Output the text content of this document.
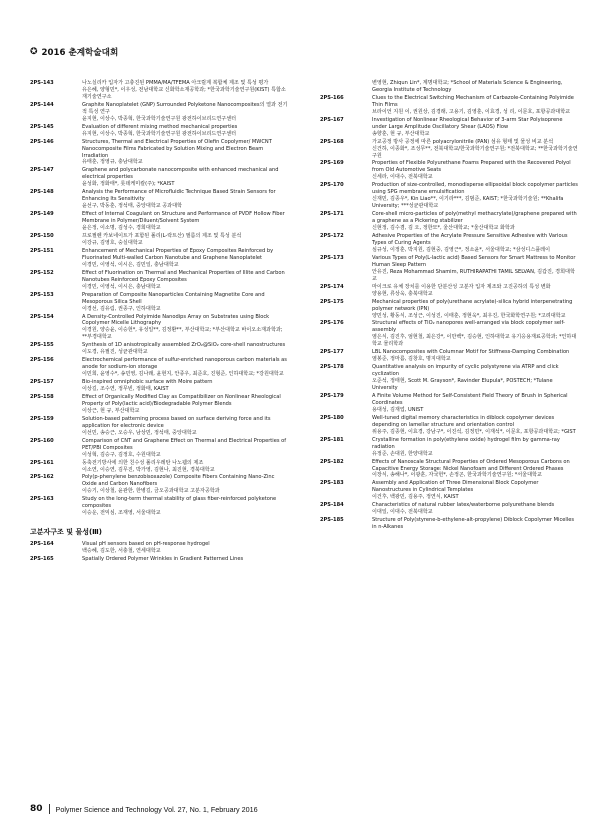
✪ 2016 춘계학술대회
2PS-143	나노실리카 입자가 고충진된 PMMA/MA/TFEMA 아크릴계 복합체 제조 및 특성 평가
유은혜, 양형민*, 이우성, 전남대학교 신화학소재공학과; *한국과학기술연구원(KIST) 특합소재기술연구소
2PS-144	Graphite Nanoplatelet (GNP) Surrounded Polyketone Nanocomposites의 열과 전기적 특성 연구
윤지현, 이상수, 박종혁, 한국과학기술연구원 광전하이브리드연구센터
2PS-145	Evaluation of different mixing method mechanical properties
유지현, 이상수, 박종혁, 한국과학기술연구원 광전하이브리드연구센터
2PS-146	Structures, Thermal and Electrical Properties of Olefin Copolymer/ MWCNT Nanocomposite Films Fabricated by Solution Mixing and Electron Beam Irradiation
유태훈, 정영규, 충남대학교
2PS-147	Graphene and polycarbonate nanocomposite with enhanced mechanical and electrical properties
윤성화, 정화태*, 롯데케미칼(주); *KAIST
2PS-148	Analysis the Performance of Microfluidic Technique Based Strain Sensors for Enhancing Its Sensitivity
윤선구, 박동훈, 정석태, 중앙대학교 공과대학
2PS-149	Effect of Internal Coagulant on Structure and Performance of PVDF Hollow Fiber Membrane in Polymer/Diluent/Solvent System
윤은정, 이소명, 김성수, 경희대학교
2PS-150	프로필렌 카보네이트가 포함된 폴리(L-락트산) 필름의 제조 및 특성 분석
이강규, 김영호, 숭실대학교
2PS-151	Enhancement of Mechanical Properties of Epoxy Composites Reinforced by Fluorinated Multi-walled Carbon Nanotube and Graphene Nanoplatelet
이경민, 이영석, 이시은, 김민일, 충남대학교
2PS-152	Effect of Fluorination on Thermal and Mechanical Properties of Illite and Carbon Nanotubes Reinforced Epoxy Composites
이경민, 이영석, 이시은, 충남대학교
2PS-153	Preparation of Composite Nanoparticles Containing Magnetite Core and Mesoporous Silica Shell
이경선, 김유림, 권종구, 인하대학교
2PS-154	A Density-Controlled Polyimide Nanodips Array on Substrates using Block Copolymer Micelle Lithography
이경원, 양승윤, 이승헌*, 유성일**, 김정환**, 부산대학교; *부산대학교 바이오소재과학과; **부경대학교
2PS-155	Synthesis of 1D anisotropically assembled ZrO₂@SiO₂ core-shell nanostructures
이도경, 유필진, 성균관대학교
2PS-156	Electrochemical performance of sulfur-enriched nanoporous carbon materials as anode for sodium-ion storage
이민희, 윤영수*, 송민영, 김나래, 윤현지, 안종우, 최준호, 진형준, 인하대학교; *강원대학교
2PS-157	Bio-inspired omniphobic surface with Moire pattern
이상길, 조수연, 정무빈, 정화태, KAIST
2PS-158	Effect of Organically Modified Clay as Compatibilizer on Nonlinear Rheological Property of Poly(lactic acid)/Biodegradable Polymer Blends
이상근, 현 규, 부산대학교
2PS-159	Solution-based patterning process based on surface deriving force and its application for electronic device
이선민, 송승근, 오승우, 남상민, 정석태, 중앙대학교
2PS-160	Comparison of CNT and Graphene Effect on Thermal and Electrical Properties of PET/PBI Composites
이성혁, 김승구, 김정호, 수원대학교
2PS-161	동축전기방사에 의한 친수성 폴리우레탄 나노웹의 제조
이소연, 이승연, 김무진, 박가영, 김현나, 최진현, 경북대학교
2PS-162	Poly(p-phenylene benzobisoxazole) Composite Fibers Containing Nano-Zinc Oxide and Carbon Nanofibers
이승기, 이상철, 윤관한, 한병길, 금오공과대학교 고분자공학과
2PS-163	Study on the long-term thermal stability of glass fiber-reinforced polyketone composites
이승운, 전익심, 조재영, 서울대학교
고분자구조 및 물성(Ⅲ)
2PS-164	Visual pH sensors based on pH-response hydrogel
백승혜, 김도한, 서충철, 연세대학교
2PS-165	Spatially Ordered Polymer Wrinkles in Gradient Patterned Lines
변영현, Zhiqun Lin*, 계명대학교; *School of Materials Science & Engineering, Georgia Institute of Technology
2PS-166	Clues to the Electrical Switching Mechanism of Carbazole-Containing Polyimide Thin Films
브라이언 지원 이, 권원상, 김경래, 고용기, 김영훈, 이효경, 성 리, 이문호, 포항공과대학교
2PS-167	Investigation of Nonlinear Rheological Behavior of 3-arm Star Polyisoprene under Large Amplitude Oscillatory Shear (LAOS) Flow
송향훈, 현 규, 부산대학교
2PS-168	가교공정 방사 공정에 따른 polyacrylonitrile (PAN) 섬유 형태 및 물성 비교 분석
신건하, 이종화*, 조성무**, 전북대학교/한국과학기술연구원; *전북대학교; **한국과학기술연구원
2PS-169	Properties of Flexible Polyurethane Foams Prepared with the Recovered Polyol from Old Automotive Seats
신세라, 이대수, 전북대학교
2PS-170	Production of size-controlled, monodisperse ellipsoidal block copolymer particles using SPG membrane emulsification
신재민, 김종우*, Kin Liao**, 이기라***, 김범준, KAIST; *한국과학기술원; **Khalifa University; ***성균관대학교
2PS-171	Core-shell micro-particles of poly(methyl methacrylate)/graphene prepared with a graphene as a Pickering stabilizer
신현정, 김수겸, 김 오, 정한모*, 울산대학교; *울산대학교 화학과
2PS-172	Adhesive Properties of the Acrylate Pressure Sensitive Adhesive with Various Types of Curing Agents
심규성, 이정훈, 박지원, 김현중, 김영근*, 정소윤*, 서울대학교; *삼성디스플레이
2PS-173	Various Types of Poly(L-lactic acid) Based Sensors for Smart Mattress to Monitor Human Sleep Pattern
안유진, Reza Mohammad Shamim, RUTHIRAPATHI TAMIL SELVAN, 김갑진, 경희대학교
2PS-174	마이크로 유체 장치를 이용한 단분산성 고분자 입자 제조와 고진공하의 특성 변화
양용현, 류상욱, 충북대학교
2PS-175	Mechanical properties of poly(urethane acrylate)-silica hybrid interpenetrating polymer network (IPN)
양민성, 황동식, 조성근, 이성진, 이태훈, 정현욱*, 최우진, 한국화학연구원; *고려대학교
2PS-176	Structural effects of TiO₂ nanopores well-arranged via block copolymer self-assembly
염은식, 김진후, 엄현철, 최은강*, 이만백*, 김승현, 인하대학교 유기응용재료공학과; *인하대학교 물리학과
2PS-177	LBL Nanocomposites with Columnar Motif for Stiffness-Damping Combination
염봉준, 정마름, 김창호, 명지대학교
2PS-178	Quantitative analysis on impurity of cyclic polystyrene via ATRP and click cyclization
오준석, 정태현, Scott M. Grayson*, Ravinder Elupula*, POSTECH; *Tulane University
2PS-179	A Finite Volume Method for Self-Consistent Field Theory of Brush in Spherical Coordinates
용대성, 김재업, UNIST
2PS-180	Well-tuned digital memory characteristics in diblock copolymer devices depending on lamellar structure and orientation control
위용주, 김종현, 이효경, 강남구*, 이진석, 김정민*, 이재석*, 이문호, 포항공과대학교; *GIST
2PS-181	Crystalline formation in poly(ethylene oxide) hydrogel film by gamma-ray radiation
유정준, 손대원, 한양대학교
2PS-182	Effects of Nanoscale Structural Properties of Ordered Mesoporous Carbons on Capacitive Energy Storage: Nickel Nanofoam and Different Ordered Phases
이장식, 송해나*, 이광훈, 자국헌*, 손정곤, 한국과학기술연구원; *서울대학교
2PS-183	Assembly and Application of Three Dimensional Block Copolymer Nanostructures in Cylindrical Templates
이건후, 백광민, 김용주, 정연식, KAIST
2PS-184	Characteristics of natural rubber latex/waterborne polyurethane blends
이대일, 이대수, 전북대학교
2PS-185	Structure of Poly(styrene-b-ethylene-alt-propylene) Diblock Copolymer Micelles in n-Alkanes
80 Polymer Science and Technology Vol. 27, No. 1, February 2016
